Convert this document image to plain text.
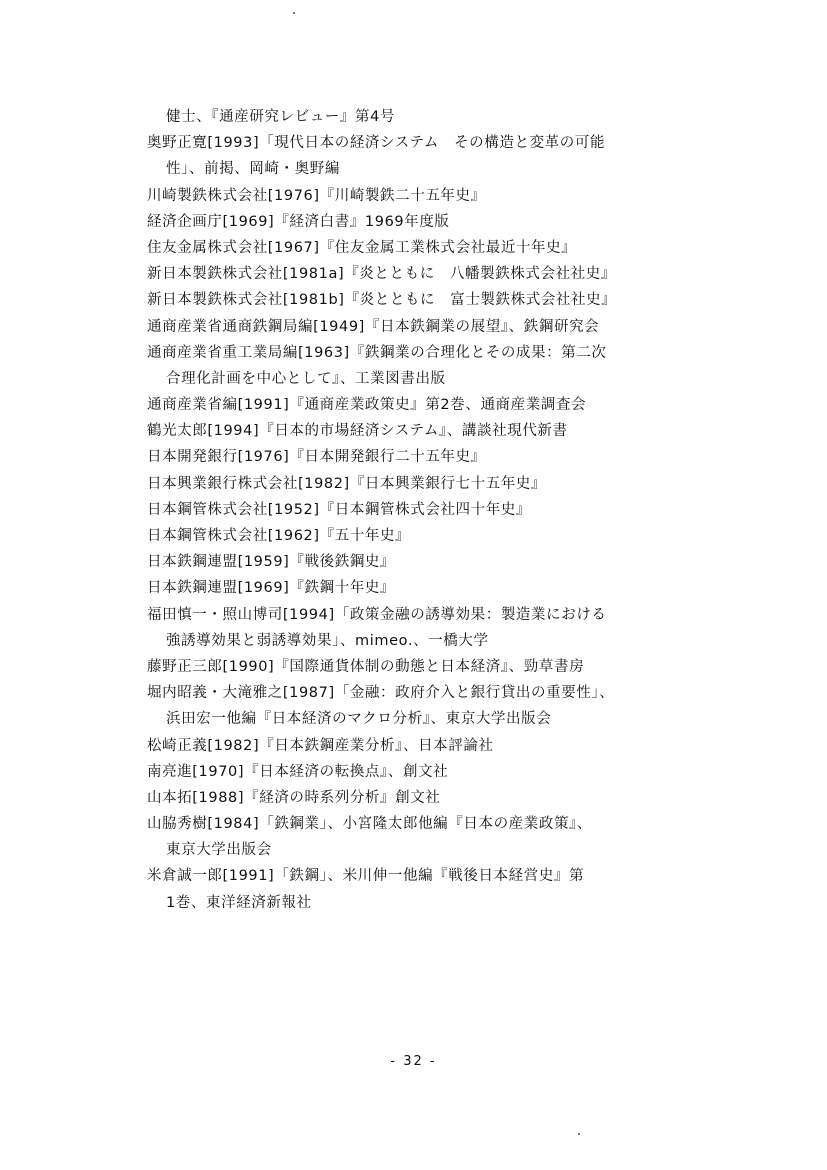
健士、『通産研究レビュー』第4号
奥野正寛[1993]「現代日本の経済システム　その構造と変革の可能
性」、前掲、岡崎・奥野編
川崎製鉄株式会社[1976]『川崎製鉄二十五年史』
経済企画庁[1969]『経済白書』1969年度版
住友金属株式会社[1967]『住友金属工業株式会社最近十年史』
新日本製鉄株式会社[1981a]『炎とともに　八幡製鉄株式会社社史』
新日本製鉄株式会社[1981b]『炎とともに　富士製鉄株式会社社史』
通商産業省通商鉄鋼局編[1949]『日本鉄鋼業の展望』、鉄鋼研究会
通商産業省重工業局編[1963]『鉄鋼業の合理化とその成果：第二次
合理化計画を中心として』、工業図書出版
通商産業省編[1991]『通商産業政策史』第2巻、通商産業調査会
鶴光太郎[1994]『日本的市場経済システム』、講談社現代新書
日本開発銀行[1976]『日本開発銀行二十五年史』
日本興業銀行株式会社[1982]『日本興業銀行七十五年史』
日本鋼管株式会社[1952]『日本鋼管株式会社四十年史』
日本鋼管株式会社[1962]『五十年史』
日本鉄鋼連盟[1959]『戦後鉄鋼史』
日本鉄鋼連盟[1969]『鉄鋼十年史』
福田慎一・照山博司[1994]「政策金融の誘導効果：製造業における
強誘導効果と弱誘導効果」、mimeo.、一橋大学
藤野正三郎[1990]『国際通貨体制の動態と日本経済』、勁草書房
堀内昭義・大滝雅之[1987]「金融：政府介入と銀行貸出の重要性」、
浜田宏一他編『日本経済のマクロ分析』、東京大学出版会
松崎正義[1982]『日本鉄鋼産業分析』、日本評論社
南亮進[1970]『日本経済の転換点』、創文社
山本拓[1988]『経済の時系列分析』創文社
山脇秀樹[1984]「鉄鋼業」、小宮隆太郎他編『日本の産業政策』、
東京大学出版会
米倉誠一郎[1991]「鉄鋼」、米川伸一他編『戦後日本経営史』第
1巻、東洋経済新報社
- 32 -
